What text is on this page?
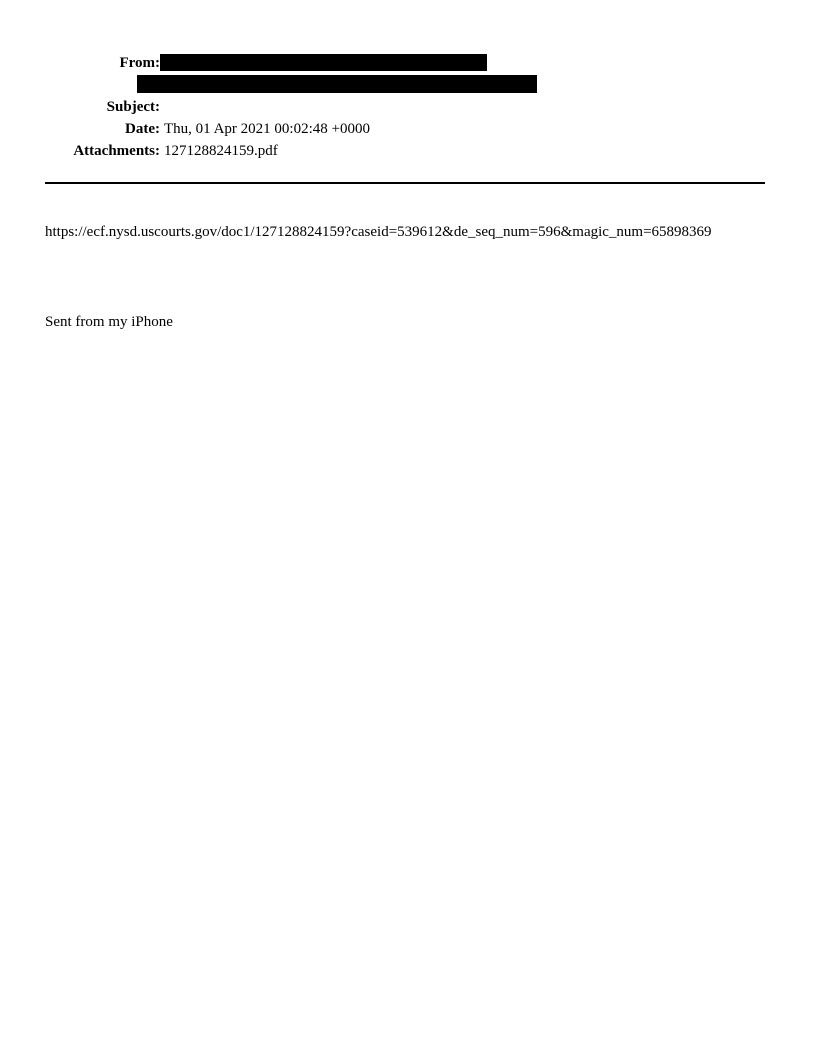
From:
Subject:
Date: Thu, 01 Apr 2021 00:02:48 +0000
Attachments: 127128824159.pdf
https://ecf.nysd.uscourts.gov/doc1/127128824159?caseid=539612&de_seq_num=596&magic_num=65898369
Sent from my iPhone
